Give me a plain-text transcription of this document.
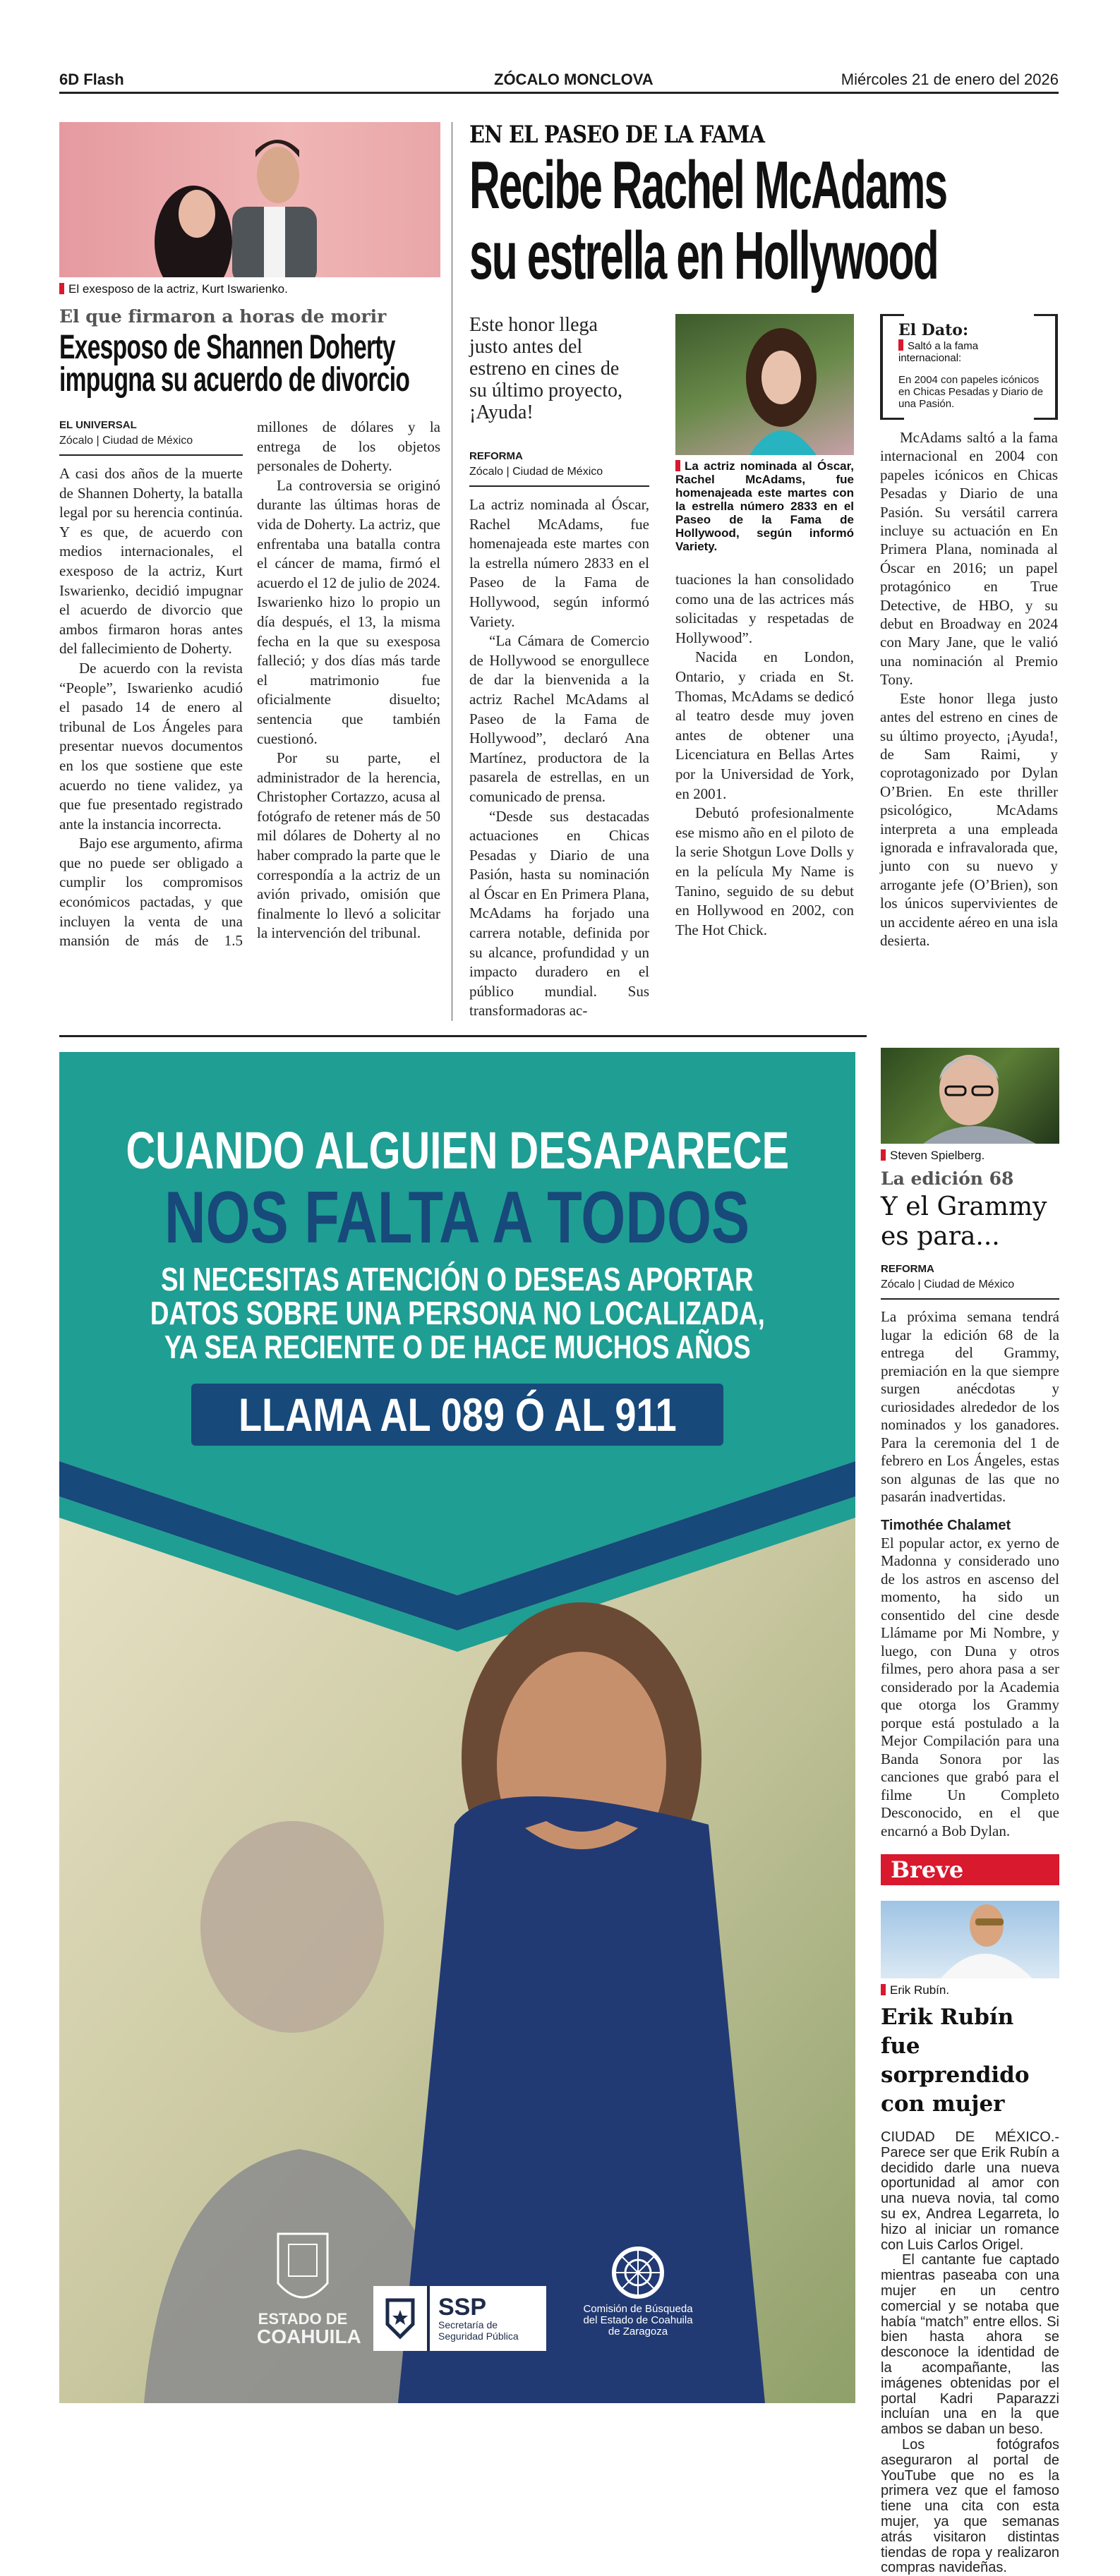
6D Flash	ZÓCALO MONCLOVA	Miércoles 21 de enero del 2026
El exesposo de la actriz, Kurt Iswarienko.
El que firmaron a horas de morir
Exesposo de Shannen Doherty
impugna su acuerdo de divorcio
EL UNIVERSAL
Zócalo | Ciudad de México

A casi dos años de la muerte de Shannen Doherty, la batalla legal por su herencia continúa. Y es que, de acuerdo con medios internacionales, el exesposo de la actriz, Kurt Iswarienko, decidió impugnar el acuerdo de divorcio que ambos firmaron horas antes del fallecimiento de Doherty.

De acuerdo con la revista “People”, Iswarienko acudió el pasado 14 de enero al tribunal de Los Ángeles para presentar nuevos documentos en los que sostiene que este acuerdo no tiene validez, ya que fue presentado registrado ante la instancia incorrecta.

Bajo ese argumento, afirma que no puede ser obligado a cumplir los compromisos económicos pactadas, y que incluyen la venta de una mansión de más de 1.5 millones de dólares y la entrega de los objetos personales de Doherty.

La controversia se originó durante las últimas horas de vida de Doherty. La actriz, que enfrentaba una batalla contra el cáncer de mama, firmó el acuerdo el 12 de julio de 2024. Iswarienko hizo lo propio un día después, el 13, la misma fecha en la que su exesposa falleció; y dos días más tarde el matrimonio fue oficialmente disuelto; sentencia que también cuestionó.

Por su parte, el administrador de la herencia, Christopher Cortazzo, acusa al fotógrafo de retener más de 50 mil dólares de Doherty al no haber comprado la parte que le correspondía a la actriz de un avión privado, omisión que finalmente lo llevó a solicitar la intervención del tribunal.

EN EL PASEO DE LA FAMA
Recibe Rachel McAdams
su estrella en Hollywood
Este honor llega justo antes del estreno en cines de su último proyecto, ¡Ayuda!
REFORMA
Zócalo | Ciudad de México

La actriz nominada al Óscar, Rachel McAdams, fue homenajeada este martes con la estrella número 2833 en el Paseo de la Fama de Hollywood, según informó Variety.

“La Cámara de Comercio de Hollywood se enorgullece de dar la bienvenida a la actriz Rachel McAdams al Paseo de la Fama de Hollywood”, declaró Ana Martínez, productora de la pasarela de estrellas, en un comunicado de prensa.

“Desde sus destacadas actuaciones en Chicas Pesadas y Diario de una Pasión, hasta su nominación al Óscar en En Primera Plana, McAdams ha forjado una carrera notable, definida por su alcance, profundidad y un impacto duradero en el público mundial. Sus transformadoras ac-

La actriz nominada al Óscar, Rachel McAdams, fue homenajeada este martes con la estrella número 2833 en el Paseo de la Fama de Hollywood, según informó Variety.

tuaciones la han consolidado como una de las actrices más solicitadas y respetadas de Hollywood”.

Nacida en London, Ontario, y criada en St. Thomas, McAdams se dedicó al teatro desde muy joven antes de obtener una Licenciatura en Bellas Artes por la Universidad de York, en 2001.

Debutó profesionalmente ese mismo año en el piloto de la serie Shotgun Love Dolls y en la película My Name is Tanino, seguido de su debut en Hollywood en 2002, con The Hot Chick.

El Dato:
Saltó a la fama internacional:
En 2004 con papeles icónicos en Chicas Pesadas y Diario de una Pasión.

McAdams saltó a la fama internacional en 2004 con papeles icónicos en Chicas Pesadas y Diario de una Pasión. Su versátil carrera incluye su actuación en En Primera Plana, nominada al Óscar en 2016; un papel protagónico en True Detective, de HBO, y su debut en Broadway en 2024 con Mary Jane, que le valió una nominación al Premio Tony.

Este honor llega justo antes del estreno en cines de su último proyecto, ¡Ayuda!, de Sam Raimi, y coprotagonizado por Dylan O’Brien. En este thriller psicológico, McAdams interpreta a una empleada ignorada e infravalorada que, junto con su nuevo y arrogante jefe (O’Brien), son los únicos supervivientes de un accidente aéreo en una isla desierta.

CUANDO ALGUIEN DESAPARECE
NOS FALTA A TODOS
SI NECESITAS ATENCIÓN O DESEAS APORTAR
DATOS SOBRE UNA PERSONA NO LOCALIZADA,
YA SEA RECIENTE O DE HACE MUCHOS AÑOS
LLAMA AL 089 Ó AL 911
ESTADO DE
COAHUILA
SSP
Secretaría de
Seguridad Pública
Comisión de Búsqueda
del Estado de Coahuila
de Zaragoza
Steven Spielberg.
La edición 68
Y el Grammy es para...
REFORMA
Zócalo | Ciudad de México

La próxima semana tendrá lugar la edición 68 de la entrega del Grammy, premiación en la que siempre surgen anécdotas y curiosidades alrededor de los nominados y los ganadores. Para la ceremonia del 1 de febrero en Los Ángeles, estas son algunas de las que no pasarán inadvertidas.

Timothée Chalamet

El popular actor, ex yerno de Madonna y considerado uno de los astros en ascenso del momento, ha sido un consentido del cine desde Llámame por Mi Nombre, y luego, con Duna y otros filmes, pero ahora pasa a ser considerado por la Academia que otorga los Grammy porque está postulado a la Mejor Compilación para una Banda Sonora por las canciones que grabó para el filme Un Completo Desconocido, en el que encarnó a Bob Dylan.

Breve
Erik Rubín.
Erik Rubín fue sorprendido con mujer

CIUDAD DE MÉXICO.- Parece ser que Erik Rubín a decidido darle una nueva oportunidad al amor con una nueva novia, tal como su ex, Andrea Legarreta, lo hizo al iniciar un romance con Luis Carlos Origel.

El cantante fue captado mientras paseaba con una mujer en un centro comercial y se notaba que había “match” entre ellos. Si bien hasta ahora se desconoce la identidad de la acompañante, las imágenes obtenidas por el portal Kadri Paparazzi incluían una en la que ambos se daban un beso.

Los fotógrafos aseguraron al portal de YouTube que no es la primera vez que el famoso tiene una cita con esta mujer, ya que semanas atrás visitaron distintas tiendas de ropa y realizaron compras navideñas.
